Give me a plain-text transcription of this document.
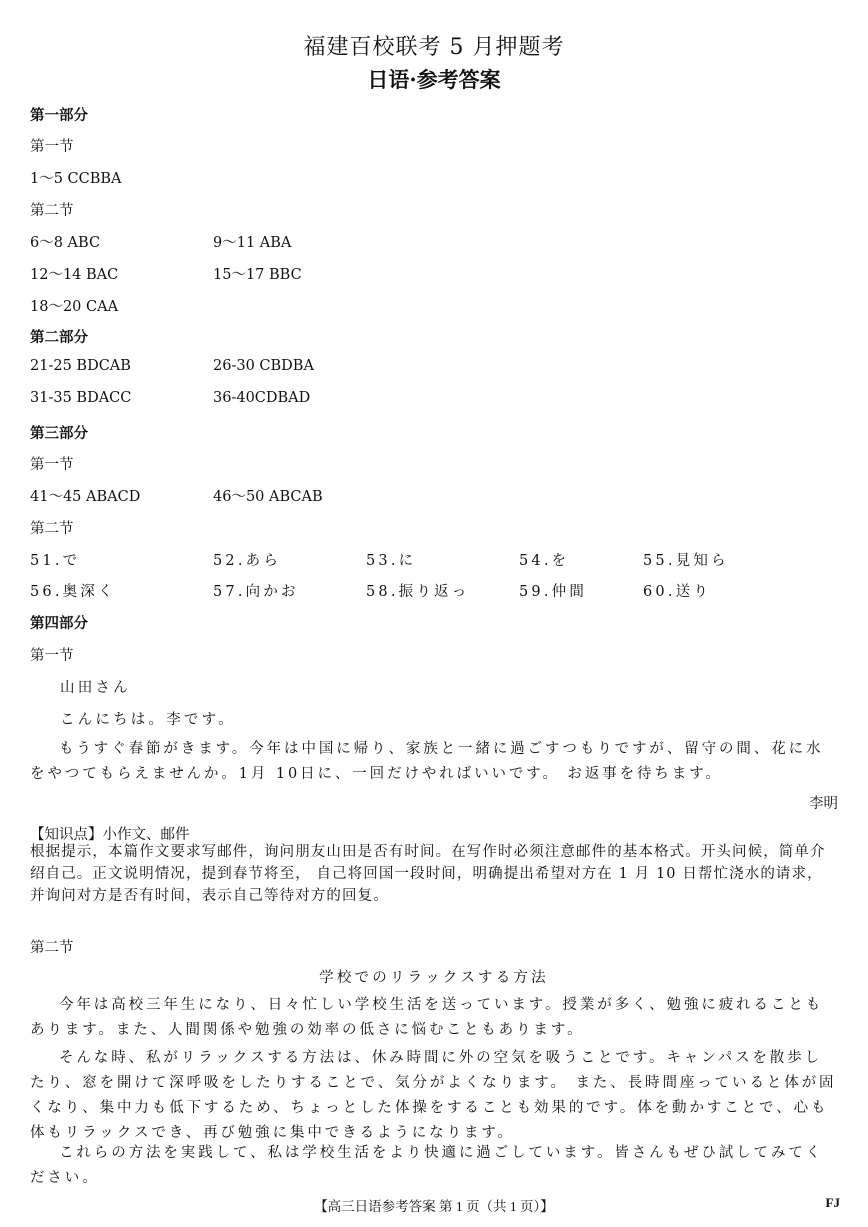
福建百校联考 5 月押题考
日语·参考答案
第一部分
第一节
1～5 CCBBA
第二节
6～8 ABC	9～11 ABA
12～14 BAC	15～17 BBC
18～20 CAA
第二部分
21-25 BDCAB	26-30 CBDBA
31-35 BDACC	36-40CDBAD
第三部分
第一节
41～45 ABACD	46～50 ABCAB
第二节
51.で	52.あら	53.に	54.を	55.見知ら
56.奥深く	57.向かお	58.振り返っ	59.仲間	60.送り
第四部分
第一节
山田さん
こんにちは。李です。
もうすぐ春節がきます。今年は中国に帰り、家族と一緒に過ごすつもりですが、留守の間、花に水をやつてもらえませんか。1月 10日に、一回だけやればいいです。 お返事を待ちます。
李明
【知识点】小作文、邮件
根据提示，本篇作文要求写邮件，询问朋友山田是否有时间。在写作时必须注意邮件的基本格式。开头问候，简单介绍自己。正文说明情况，提到春节将至， 自己将回国一段时间，明确提出希望对方在 1 月 10 日帮忙浇水的请求，并询问对方是否有时间，表示自己等待对方的回复。
第二节
学校でのリラックスする方法
今年は高校三年生になり、日々忙しい学校生活を送っています。授業が多く、勉強に疲れることもあります。また、人間関係や勉強の効率の低さに悩むこともあります。
そんな時、私がリラックスする方法は、休み時間に外の空気を吸うことです。キャンパスを散歩したり、窓を開けて深呼吸をしたりすることで、気分がよくなります。 また、長時間座っていると体が固くなり、集中力も低下するため、ちょっとした体操をすることも効果的です。体を動かすことで、心も体もリラックスでき、再び勉強に集中できるようになります。
これらの方法を実践して、私は学校生活をより快適に過ごしています。皆さんもぜひ試してみてください。
【高三日语参考答案 第 1 页（共 1 页）】	FJ
